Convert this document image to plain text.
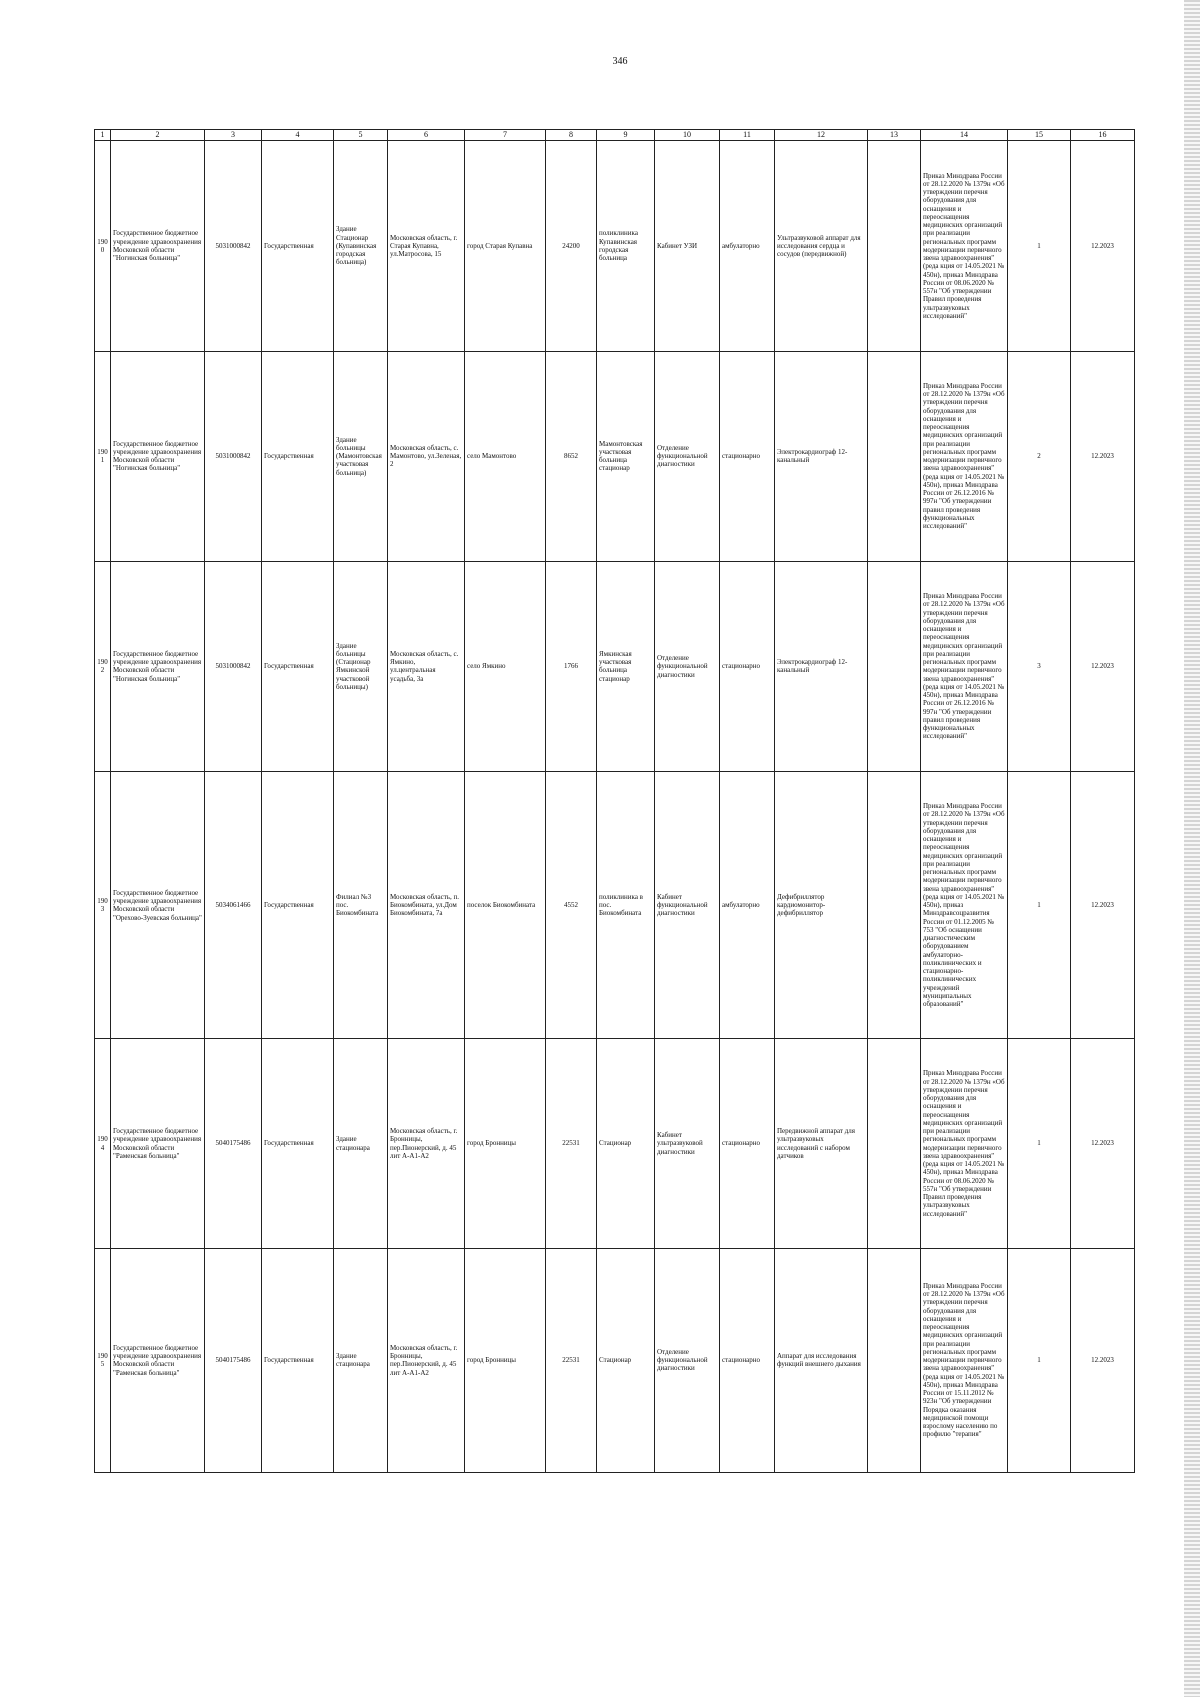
346
1	2	3	4	5	6	7	8	9	10	11	12	13	14	15	16
1900	Государственное бюджетное учреждение здравоохранения Московской области "Ногинская больница"	5031000842	Государственная	Здание Стационар (Купавинская городская больница)	Московская область, г. Старая Купавна, ул.Матросова, 15	город Старая Купавна	24200	поликлиника Купавинская городская больница	Кабинет УЗИ	амбулаторно	Ультразвуковой аппарат для исследования сердца и сосудов (передвижной)		Приказ Минздрава России от 28.12.2020 № 1379н «Об утверждении перечня оборудования для оснащения и переоснащения медицинских организаций при реализации региональных программ модернизации первичного звена здравоохранения"(реда кция от 14.05.2021 № 450н), приказ Минздрава России от 08.06.2020 № 557н "Об утверждении Правил проведения ультразвуковых исследований"	1	12.2023
1901	Государственное бюджетное учреждение здравоохранения Московской области "Ногинская больница"	5031000842	Государственная	Здание больницы (Мамонтовская участковая больница)	Московская область, с. Мамонтово, ул.Зеленая, 2	село Мамонтово	8652	Мамонтовская участковая больница стационар	Отделение функциональной диагностики	стационарно	Электрокардиограф 12-канальный		Приказ Минздрава России от 28.12.2020 № 1379н «Об утверждении перечня оборудования для оснащения и переоснащения медицинских организаций при реализации региональных программ модернизации первичного звена здравоохранения"(реда кция от 14.05.2021 № 450н), приказ Минздрава России от 26.12.2016 № 997н "Об утверждении правил проведения функциональных исследований"	2	12.2023
1902	Государственное бюджетное учреждение здравоохранения Московской области "Ногинская больница"	5031000842	Государственная	Здание больницы (Стационар Ямкинской участковой больницы)	Московская область, с. Ямкино, ул.центральная усадьба, 3а	село Ямкино	1766	Ямкинская участковая больница стационар	Отделение функциональной диагностики	стационарно	Электрокардиограф 12-канальный		Приказ Минздрава России от 28.12.2020 № 1379н «Об утверждении перечня оборудования для оснащения и переоснащения медицинских организаций при реализации региональных программ модернизации первичного звена здравоохранения"(реда кция от 14.05.2021 № 450н), приказ Минздрава России от 26.12.2016 № 997н "Об утверждении правил проведения функциональных исследований"	3	12.2023
1903	Государственное бюджетное учреждение здравоохранения Московской области "Орехово-Зуевская больница"	5034061466	Государственная	Филиал №3 пос. Биокомбината	Московская область, п. Биокомбината, ул.Дом Биокомбината, 7а	поселок Биокомбината	4552	поликлиника в пос. Биокомбината	Кабинет функциональной диагностики	амбулаторно	Дефибриллятор кардиомонитор-дефибриллятор		Приказ Минздрава России от 28.12.2020 № 1379н «Об утверждении перечня оборудования для оснащения и переоснащения медицинских организаций при реализации региональных программ модернизации первичного звена здравоохранения"(реда кция от 14.05.2021 № 450н), приказ Минздравсоцразвития России от 01.12.2005 № 753 "Об оснащении диагностическим оборудованием амбулаторно-поликлинических и стационарно-поликлинических учреждений муниципальных образований"	1	12.2023
1904	Государственное бюджетное учреждение здравоохранения Московской области "Раменская больница"	5040175486	Государственная	Здание стационара	Московская область, г. Бронницы, пер.Пионерский, д. 45 лит А-А1-А2	город Бронницы	22531	Стационар	Кабинет ультразвуковой диагностики	стационарно	Передвижной аппарат для ультразвуковых исследований с набором датчиков		Приказ Минздрава России от 28.12.2020 № 1379н «Об утверждении перечня оборудования для оснащения и переоснащения медицинских организаций при реализации региональных программ модернизации первичного звена здравоохранения"(реда кция от 14.05.2021 № 450н), приказ Минздрава России от 08.06.2020 № 557н "Об утверждении Правил проведения ультразвуковых исследований"	1	12.2023
1905	Государственное бюджетное учреждение здравоохранения Московской области "Раменская больница"	5040175486	Государственная	Здание стационара	Московская область, г. Бронницы, пер.Пионерский, д. 45 лит А-А1-А2	город Бронницы	22531	Стационар	Отделение функциональной диагностики	стационарно	Аппарат для исследования функций внешнего дыхания		Приказ Минздрава России от 28.12.2020 № 1379н «Об утверждении перечня оборудования для оснащения и переоснащения медицинских организаций при реализации региональных программ модернизации первичного звена здравоохранения"(реда кция от 14.05.2021 № 450н), приказ Минздрава России от 15.11.2012 № 923н "Об утверждении Порядка оказания медицинской помощи взрослому населению по профилю "терапия"	1	12.2023
